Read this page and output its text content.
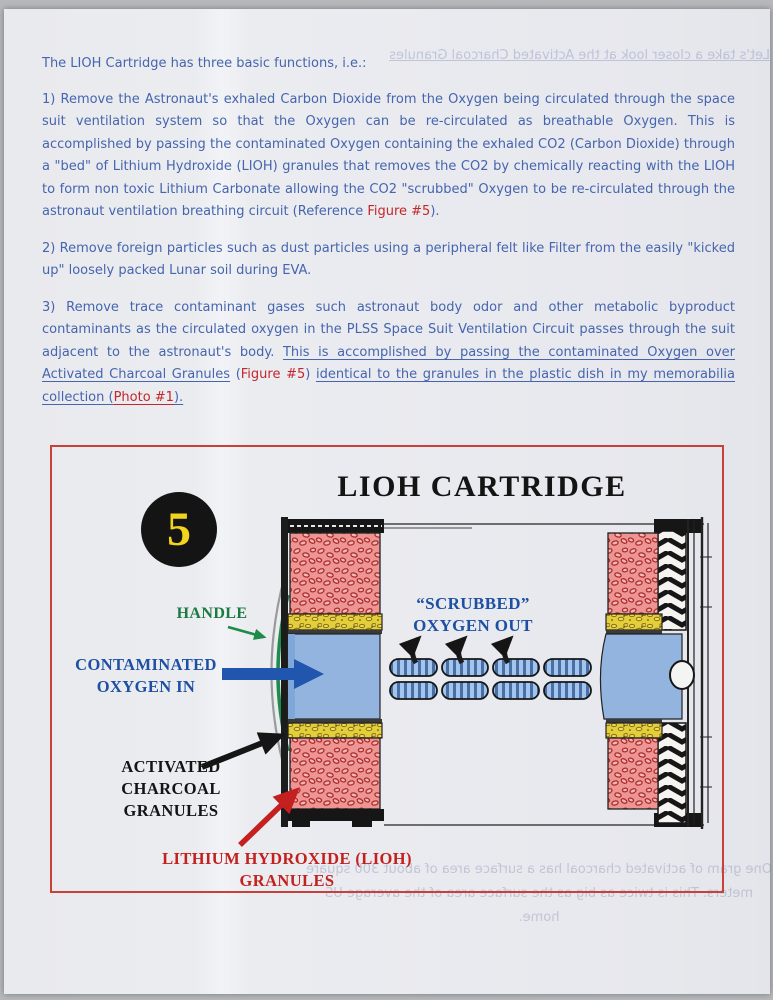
Let's take a closer look at the Activated Charcoal Granules

The LIOH Cartridge has three basic functions, i.e.:

1) Remove the Astronaut's exhaled Carbon Dioxide from the Oxygen being circulated through the space suit ventilation system so that the Oxygen can be re-circulated as breathable Oxygen. This is accomplished by passing the contaminated Oxygen containing the exhaled CO2 (Carbon Dioxide) through a "bed" of Lithium Hydroxide (LIOH) granules that removes the CO2 by chemically reacting with the LIOH to form non toxic Lithium Carbonate allowing the CO2 "scrubbed" Oxygen to be re-circulated through the astronaut ventilation breathing circuit (Reference Figure #5).

2) Remove foreign particles such as dust particles using a peripheral felt like Filter from the easily "kicked up" loosely packed Lunar soil during EVA.

3) Remove trace contaminant gases such astronaut body odor and other metabolic byproduct contaminants as the circulated oxygen in the PLSS Space Suit Ventilation Circuit passes through the suit adjacent to the astronaut's body. This is accomplished by passing the contaminated Oxygen over Activated Charcoal Granules (Figure #5) identical to the granules in the plastic dish in my memorabilia collection (Photo #1).

One gram of activated charcoal has a surface area of about 300 square meters. This is twice as big as the surface area of the average US home.
LIOH CARTRIDGE
5
HANDLE
CONTAMINATED
OXYGEN IN
“SCRUBBED”
OXYGEN OUT
ACTIVATED CHARCOAL
GRANULES
LITHIUM HYDROXIDE (LIOH)
GRANULES
